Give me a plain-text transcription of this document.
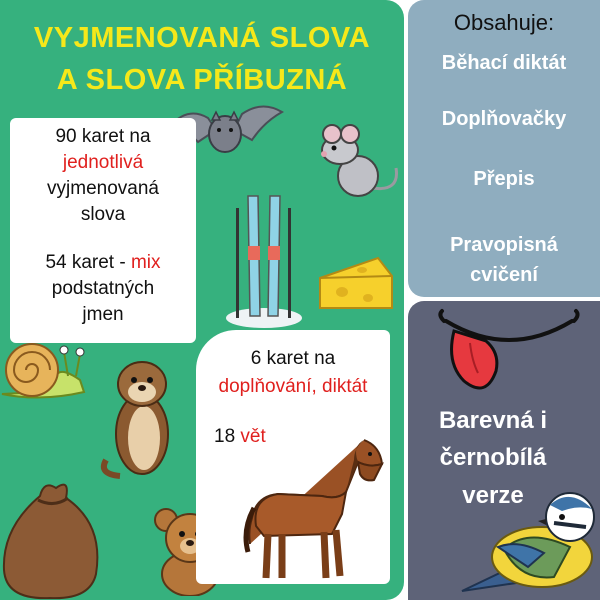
VYJMENOVANÁ SLOVA
A SLOVA PŘÍBUZNÁ
90 karet na
jednotlivá
vyjmenovaná
slova
54 karet - mix
podstatných
jmen
6 karet na
doplňování, diktát
18 vět
Obsahuje:
Běhací diktát
Doplňovačky
Přepis
Pravopisná cvičení
Barevná i
černobílá
verze
